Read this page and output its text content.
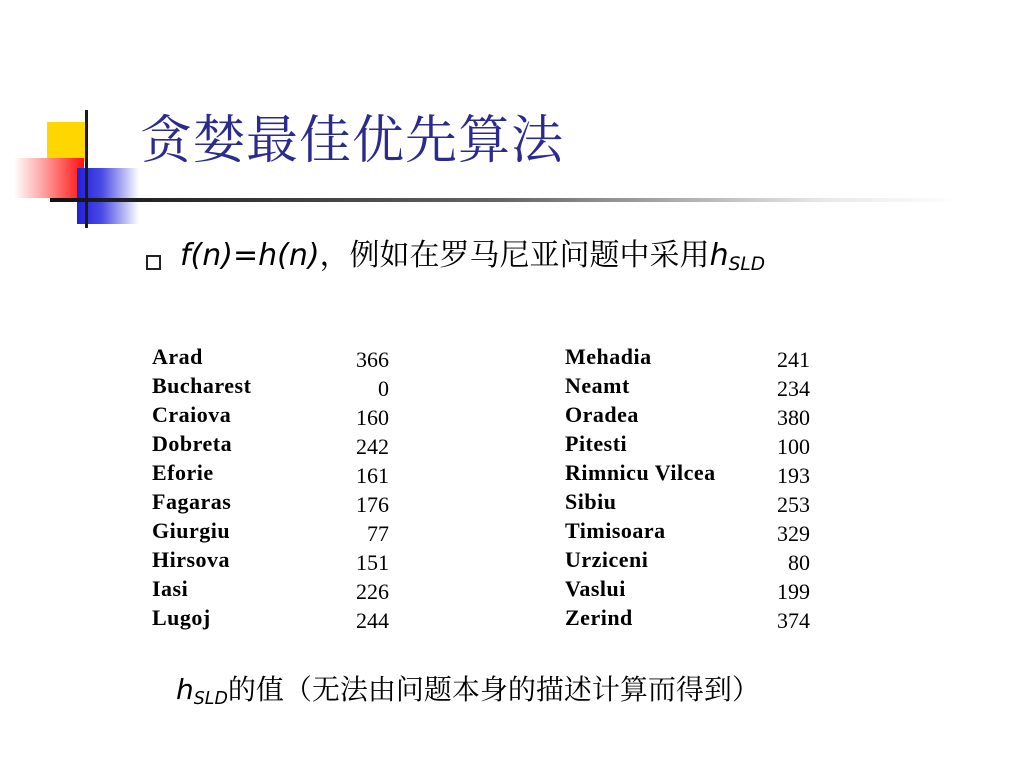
贪婪最佳优先算法
f(n)=h(n)，例如在罗马尼亚问题中采用$h_{SLD}$
Arad	366
Bucharest	0
Craiova	160
Dobreta	242
Eforie	161
Fagaras	176
Giurgiu	77
Hirsova	151
Iasi	226
Lugoj	244
Mehadia	241
Neamt	234
Oradea	380
Pitesti	100
Rimnicu Vilcea	193
Sibiu	253
Timisoara	329
Urziceni	80
Vaslui	199
Zerind	374
$h_{SLD}$的值（无法由问题本身的描述计算而得到）
